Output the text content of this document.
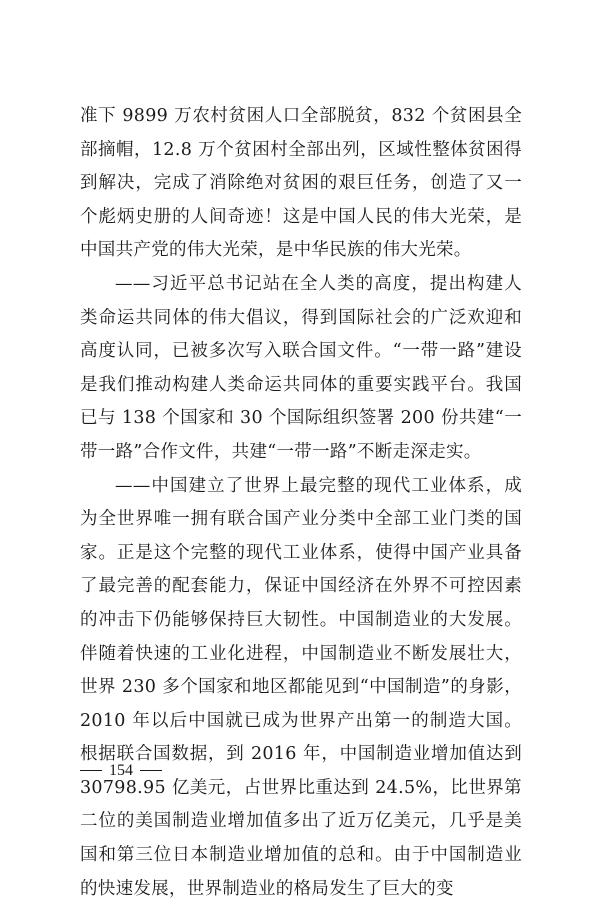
准下 9899 万农村贫困人口全部脱贫，832 个贫困县全部摘帽，12.8 万个贫困村全部出列，区域性整体贫困得到解决，完成了消除绝对贫困的艰巨任务，创造了又一个彪炳史册的人间奇迹！这是中国人民的伟大光荣，是中国共产党的伟大光荣，是中华民族的伟大光荣。

——习近平总书记站在全人类的高度，提出构建人类命运共同体的伟大倡议，得到国际社会的广泛欢迎和高度认同，已被多次写入联合国文件。“一带一路”建设是我们推动构建人类命运共同体的重要实践平台。我国已与 138 个国家和 30 个国际组织签署 200 份共建“一带一路”合作文件，共建“一带一路”不断走深走实。

——中国建立了世界上最完整的现代工业体系，成为全世界唯一拥有联合国产业分类中全部工业门类的国家。正是这个完整的现代工业体系，使得中国产业具备了最完善的配套能力，保证中国经济在外界不可控因素的冲击下仍能够保持巨大韧性。中国制造业的大发展。伴随着快速的工业化进程，中国制造业不断发展壮大，世界 230 多个国家和地区都能见到“中国制造”的身影，2010 年以后中国就已成为世界产出第一的制造大国。根据联合国数据，到 2016 年，中国制造业增加值达到 30798.95 亿美元，占世界比重达到 24.5%，比世界第二位的美国制造业增加值多出了近万亿美元，几乎是美国和第三位日本制造业增加值的总和。由于中国制造业的快速发展，世界制造业的格局发生了巨大的变

154
